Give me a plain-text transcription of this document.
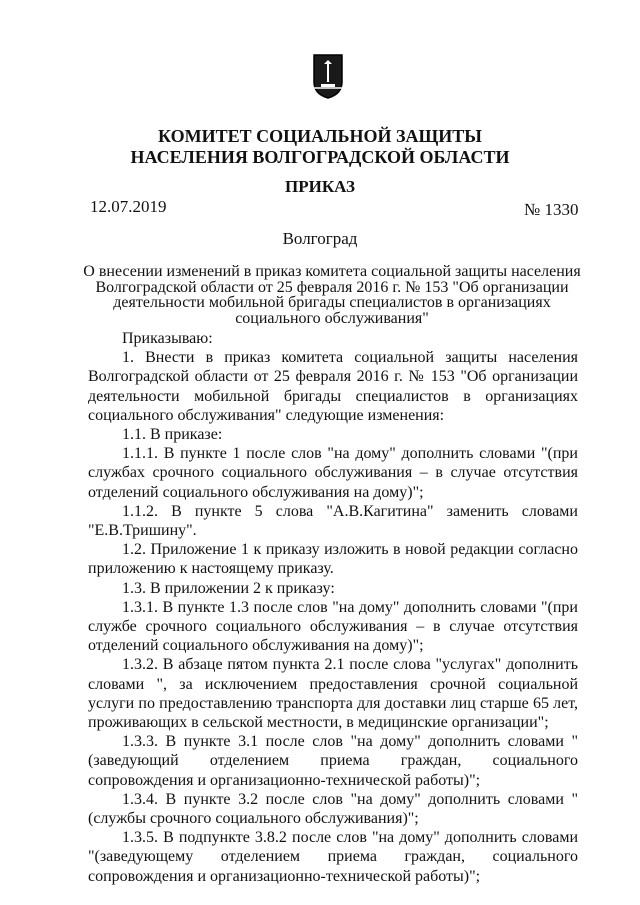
КОМИТЕТ СОЦИАЛЬНОЙ ЗАЩИТЫ
НАСЕЛЕНИЯ ВОЛГОГРАДСКОЙ ОБЛАСТИ
ПРИКАЗ
12.07.2019	№ 1330
Волгоград
О внесении изменений в приказ комитета социальной защиты населения Волгоградской области от 25 февраля 2016 г. № 153 "Об организации деятельности мобильной бригады специалистов в организациях социального обслуживания"

Приказываю:

1. Внести в приказ комитета социальной защиты населения Волгоградской области от 25 февраля 2016 г. № 153 "Об организации деятельности мобильной бригады специалистов в организациях социального обслуживания" следующие изменения:

1.1. В приказе:

1.1.1. В пункте 1 после слов "на дому" дополнить словами "(при службах срочного социального обслуживания – в случае отсутствия отделений социального обслуживания на дому)";

1.1.2. В пункте 5 слова "А.В.Кагитина" заменить словами "Е.В.Тришину".

1.2. Приложение 1 к приказу изложить в новой редакции согласно приложению к настоящему приказу.

1.3. В приложении 2 к приказу:

1.3.1. В пункте 1.3 после слов "на дому" дополнить словами "(при службе срочного социального обслуживания – в случае отсутствия отделений социального обслуживания на дому)";

1.3.2. В абзаце пятом пункта 2.1 после слова "услугах" дополнить словами ", за исключением предоставления срочной социальной услуги по предоставлению транспорта для доставки лиц старше 65 лет, проживающих в сельской местности, в медицинские организации";

1.3.3. В пункте 3.1 после слов "на дому" дополнить словами "(заведующий отделением приема граждан, социального сопровождения и организационно-технической работы)";

1.3.4. В пункте 3.2 после слов "на дому" дополнить словами "(службы срочного социального обслуживания)";

1.3.5. В подпункте 3.8.2 после слов "на дому" дополнить словами "(заведующему отделением приема граждан, социального сопровождения и организационно-технической работы)";
